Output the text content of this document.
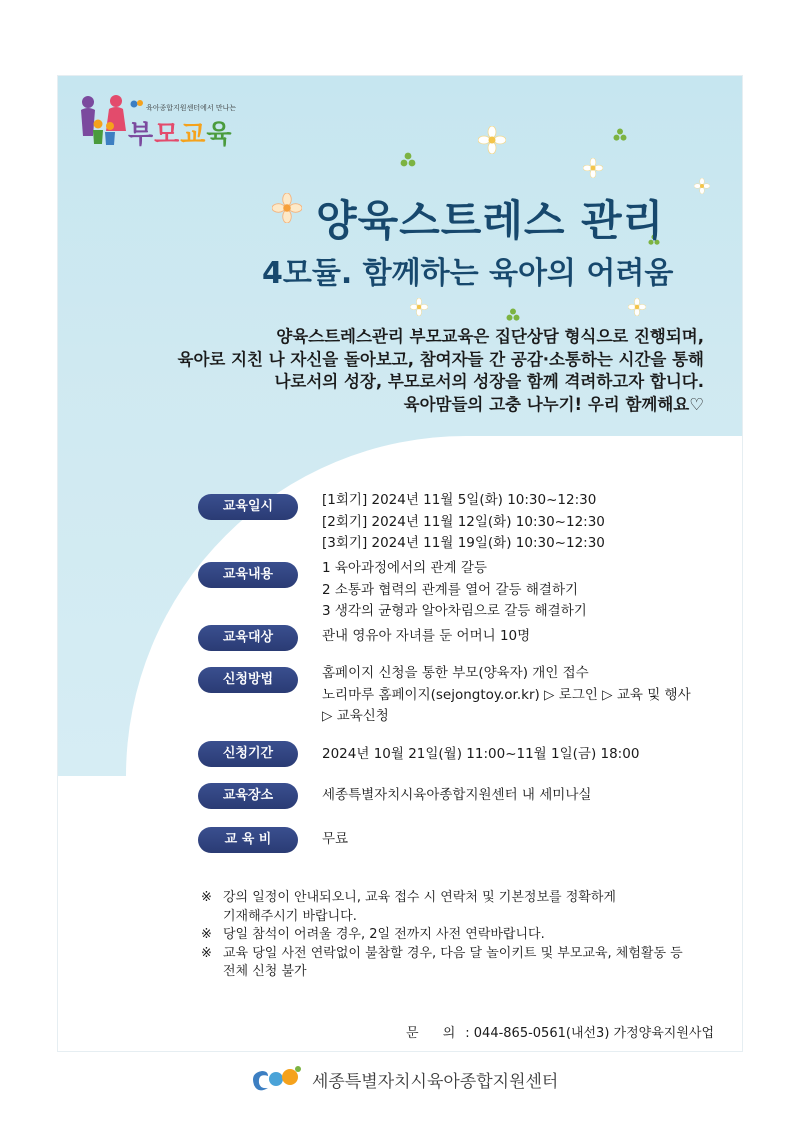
육아종합지원센터에서 만나는
부모교육
양육스트레스 관리
4모듈. 함께하는 육아의 어려움
양육스트레스관리 부모교육은 집단상담 형식으로 진행되며,
육아로 지친 나 자신을 돌아보고, 참여자들 간 공감·소통하는 시간을 통해
나로서의 성장, 부모로서의 성장을 함께 격려하고자 합니다.
육아맘들의 고충 나누기! 우리 함께해요♡
교육일시	[1회기] 2024년 11월 5일(화) 10:30~12:30
[2회기] 2024년 11월 12일(화) 10:30~12:30
[3회기] 2024년 11월 19일(화) 10:30~12:30
교육내용	1 육아과정에서의 관계 갈등
2 소통과 협력의 관계를 열어 갈등 해결하기
3 생각의 균형과 알아차림으로 갈등 해결하기
교육대상	관내 영유아 자녀를 둔 어머니 10명
신청방법	홈페이지 신청을 통한 부모(양육자) 개인 접수
노리마루 홈페이지(sejongtoy.or.kr) ▷ 로그인 ▷ 교육 및 행사
▷ 교육신청
신청기간	2024년 10월 21일(월) 11:00~11월 1일(금) 18:00
교육장소	세종특별자치시육아종합지원센터 내 세미나실
교 육 비	무료
※ 강의 일정이 안내되오니, 교육 접수 시 연락처 및 기본정보를 정확하게
기재해주시기 바랍니다.
※ 당일 참석이 어려울 경우, 2일 전까지 사전 연락바랍니다.
※ 교육 당일 사전 연락없이 불참할 경우, 다음 달 놀이키트 및 부모교육, 체험활동 등
전체 신청 불가
문 의: 044-865-0561(내선3) 가정양육지원사업
세종특별자치시육아종합지원센터
